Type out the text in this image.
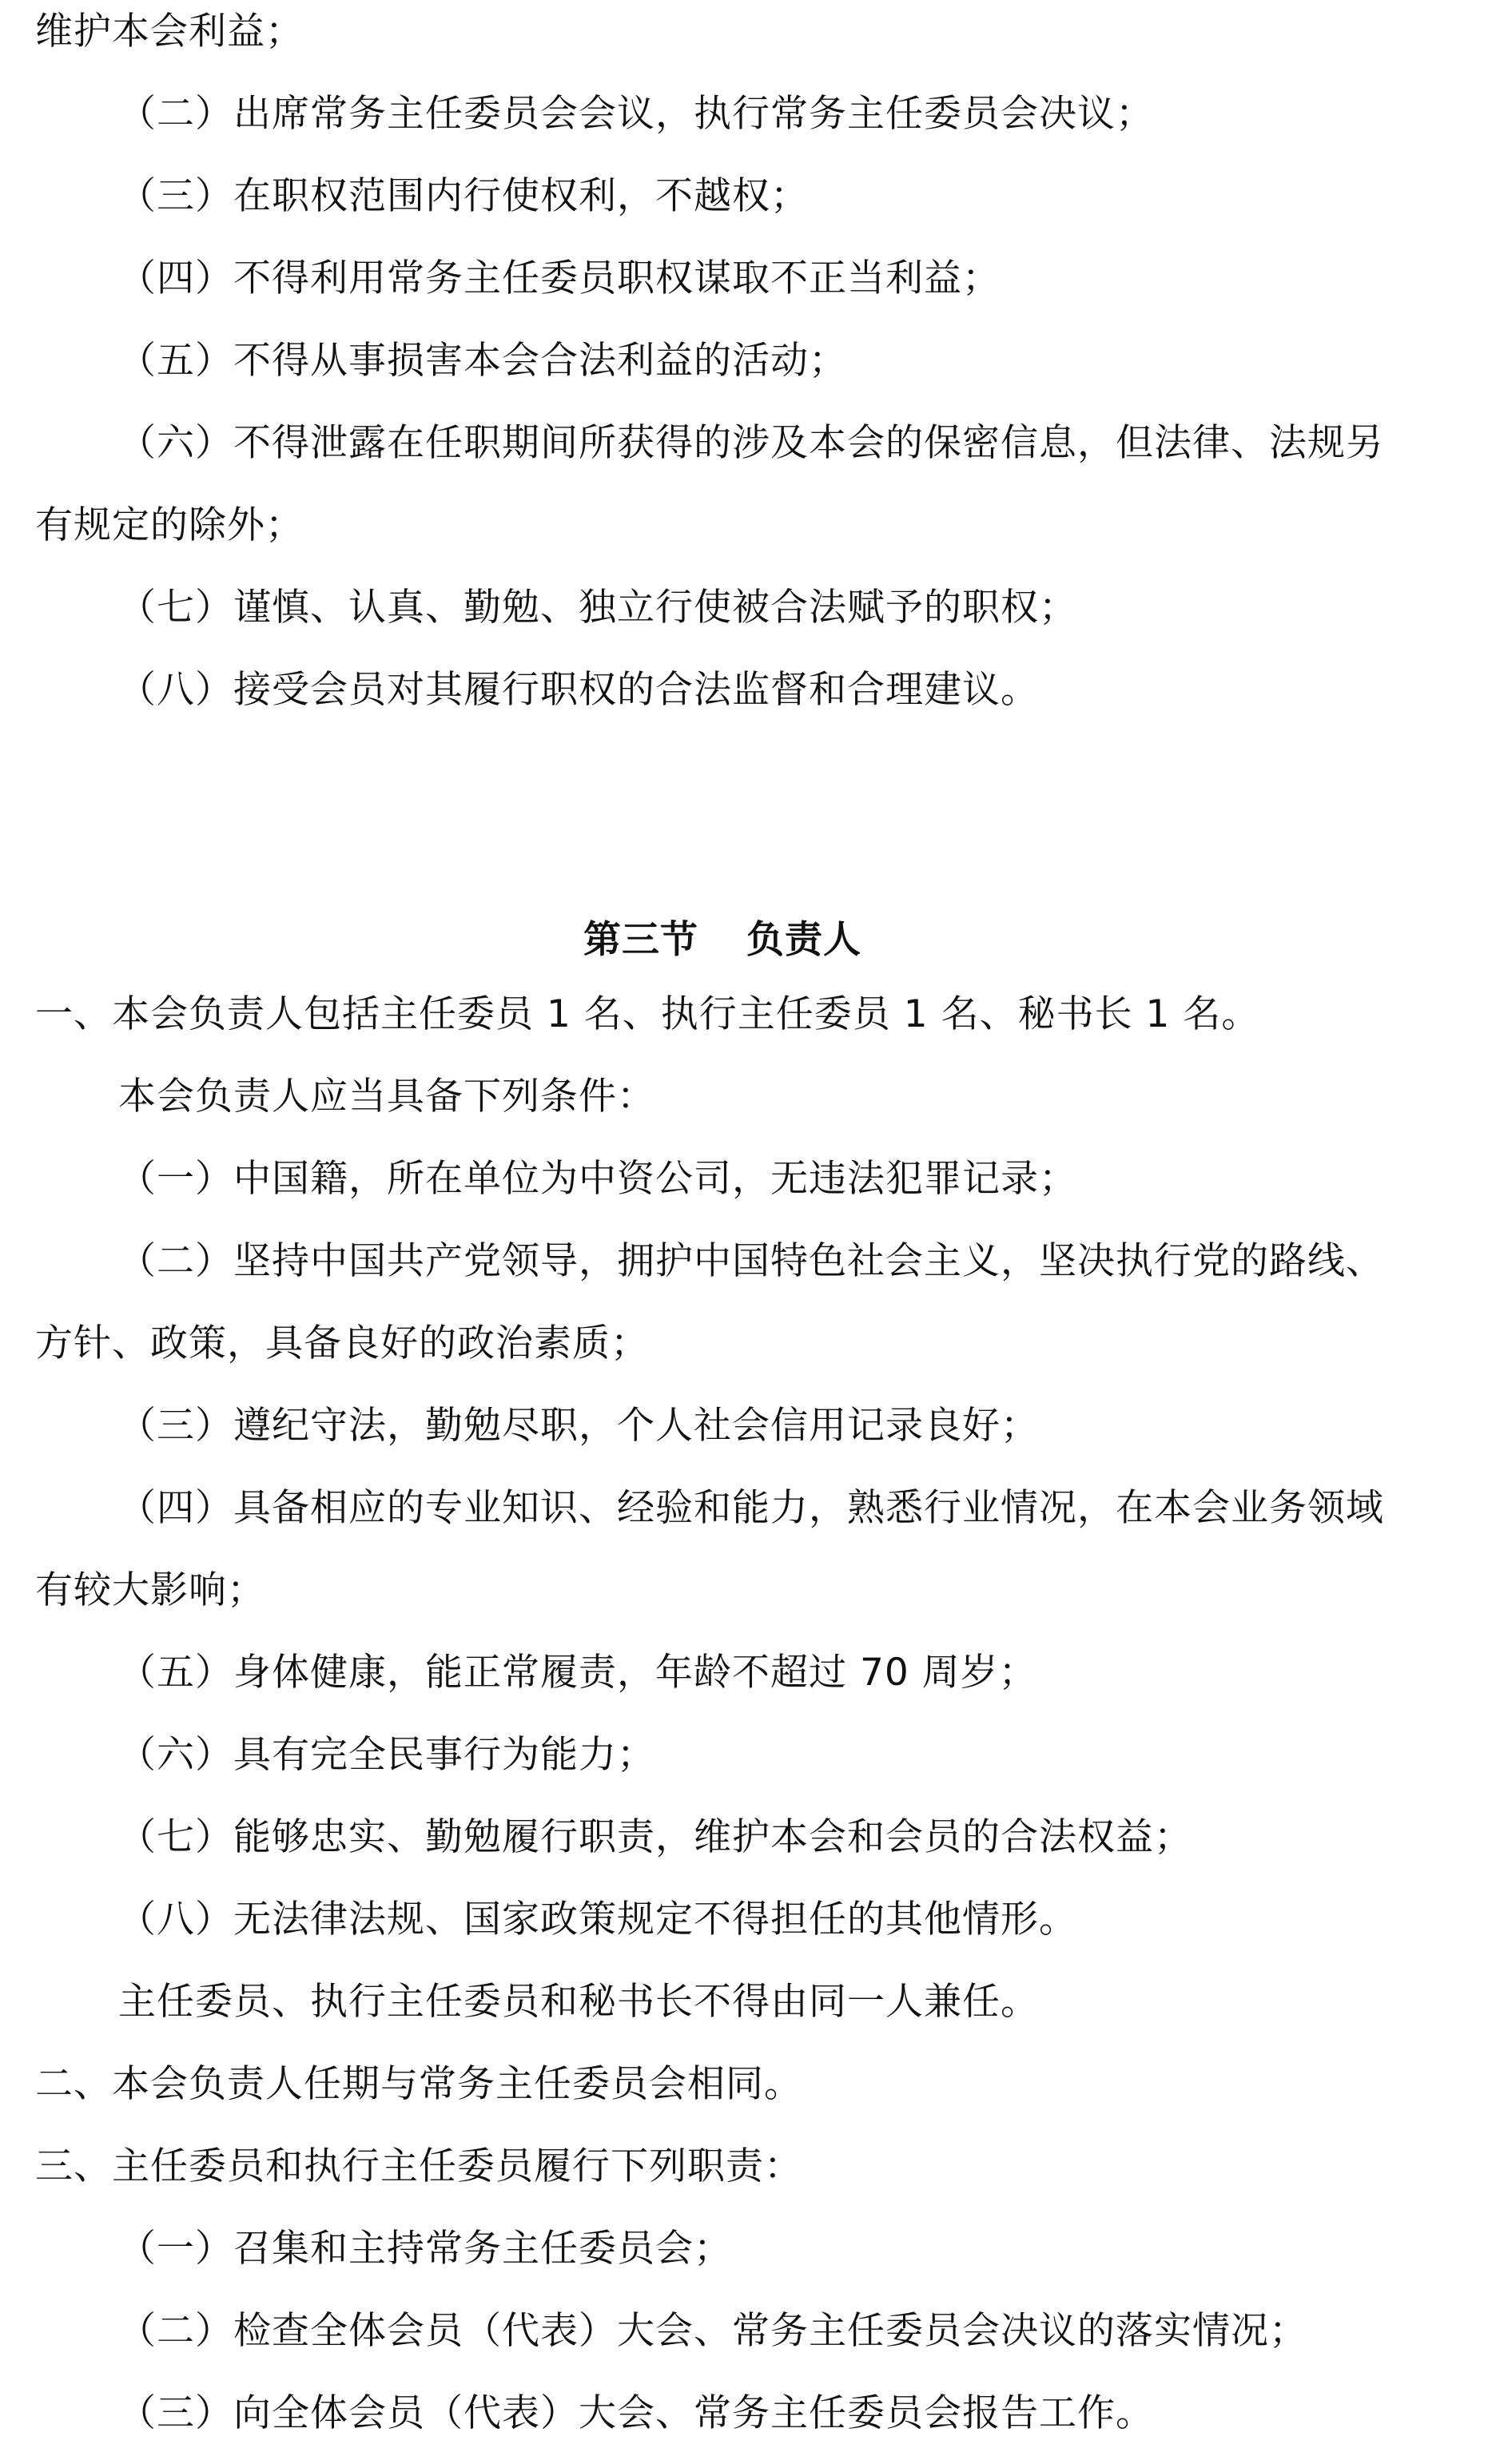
维护本会利益；
（二）出席常务主任委员会会议，执行常务主任委员会决议；
（三）在职权范围内行使权利，不越权；
（四）不得利用常务主任委员职权谋取不正当利益；
（五）不得从事损害本会合法利益的活动；
（六）不得泄露在任职期间所获得的涉及本会的保密信息，但法律、法规另
有规定的除外；
（七）谨慎、认真、勤勉、独立行使被合法赋予的职权；
（八）接受会员对其履行职权的合法监督和合理建议。
第三节 负责人
一、本会负责人包括主任委员 1 名、执行主任委员 1 名、秘书长 1 名。
本会负责人应当具备下列条件：
（一）中国籍，所在单位为中资公司，无违法犯罪记录；
（二）坚持中国共产党领导，拥护中国特色社会主义，坚决执行党的路线、
方针、政策，具备良好的政治素质；
（三）遵纪守法，勤勉尽职，个人社会信用记录良好；
（四）具备相应的专业知识、经验和能力，熟悉行业情况，在本会业务领域
有较大影响；
（五）身体健康，能正常履责，年龄不超过 70 周岁；
（六）具有完全民事行为能力；
（七）能够忠实、勤勉履行职责，维护本会和会员的合法权益；
（八）无法律法规、国家政策规定不得担任的其他情形。
主任委员、执行主任委员和秘书长不得由同一人兼任。
二、本会负责人任期与常务主任委员会相同。
三、主任委员和执行主任委员履行下列职责：
（一）召集和主持常务主任委员会；
（二）检查全体会员（代表）大会、常务主任委员会决议的落实情况；
（三）向全体会员（代表）大会、常务主任委员会报告工作。
